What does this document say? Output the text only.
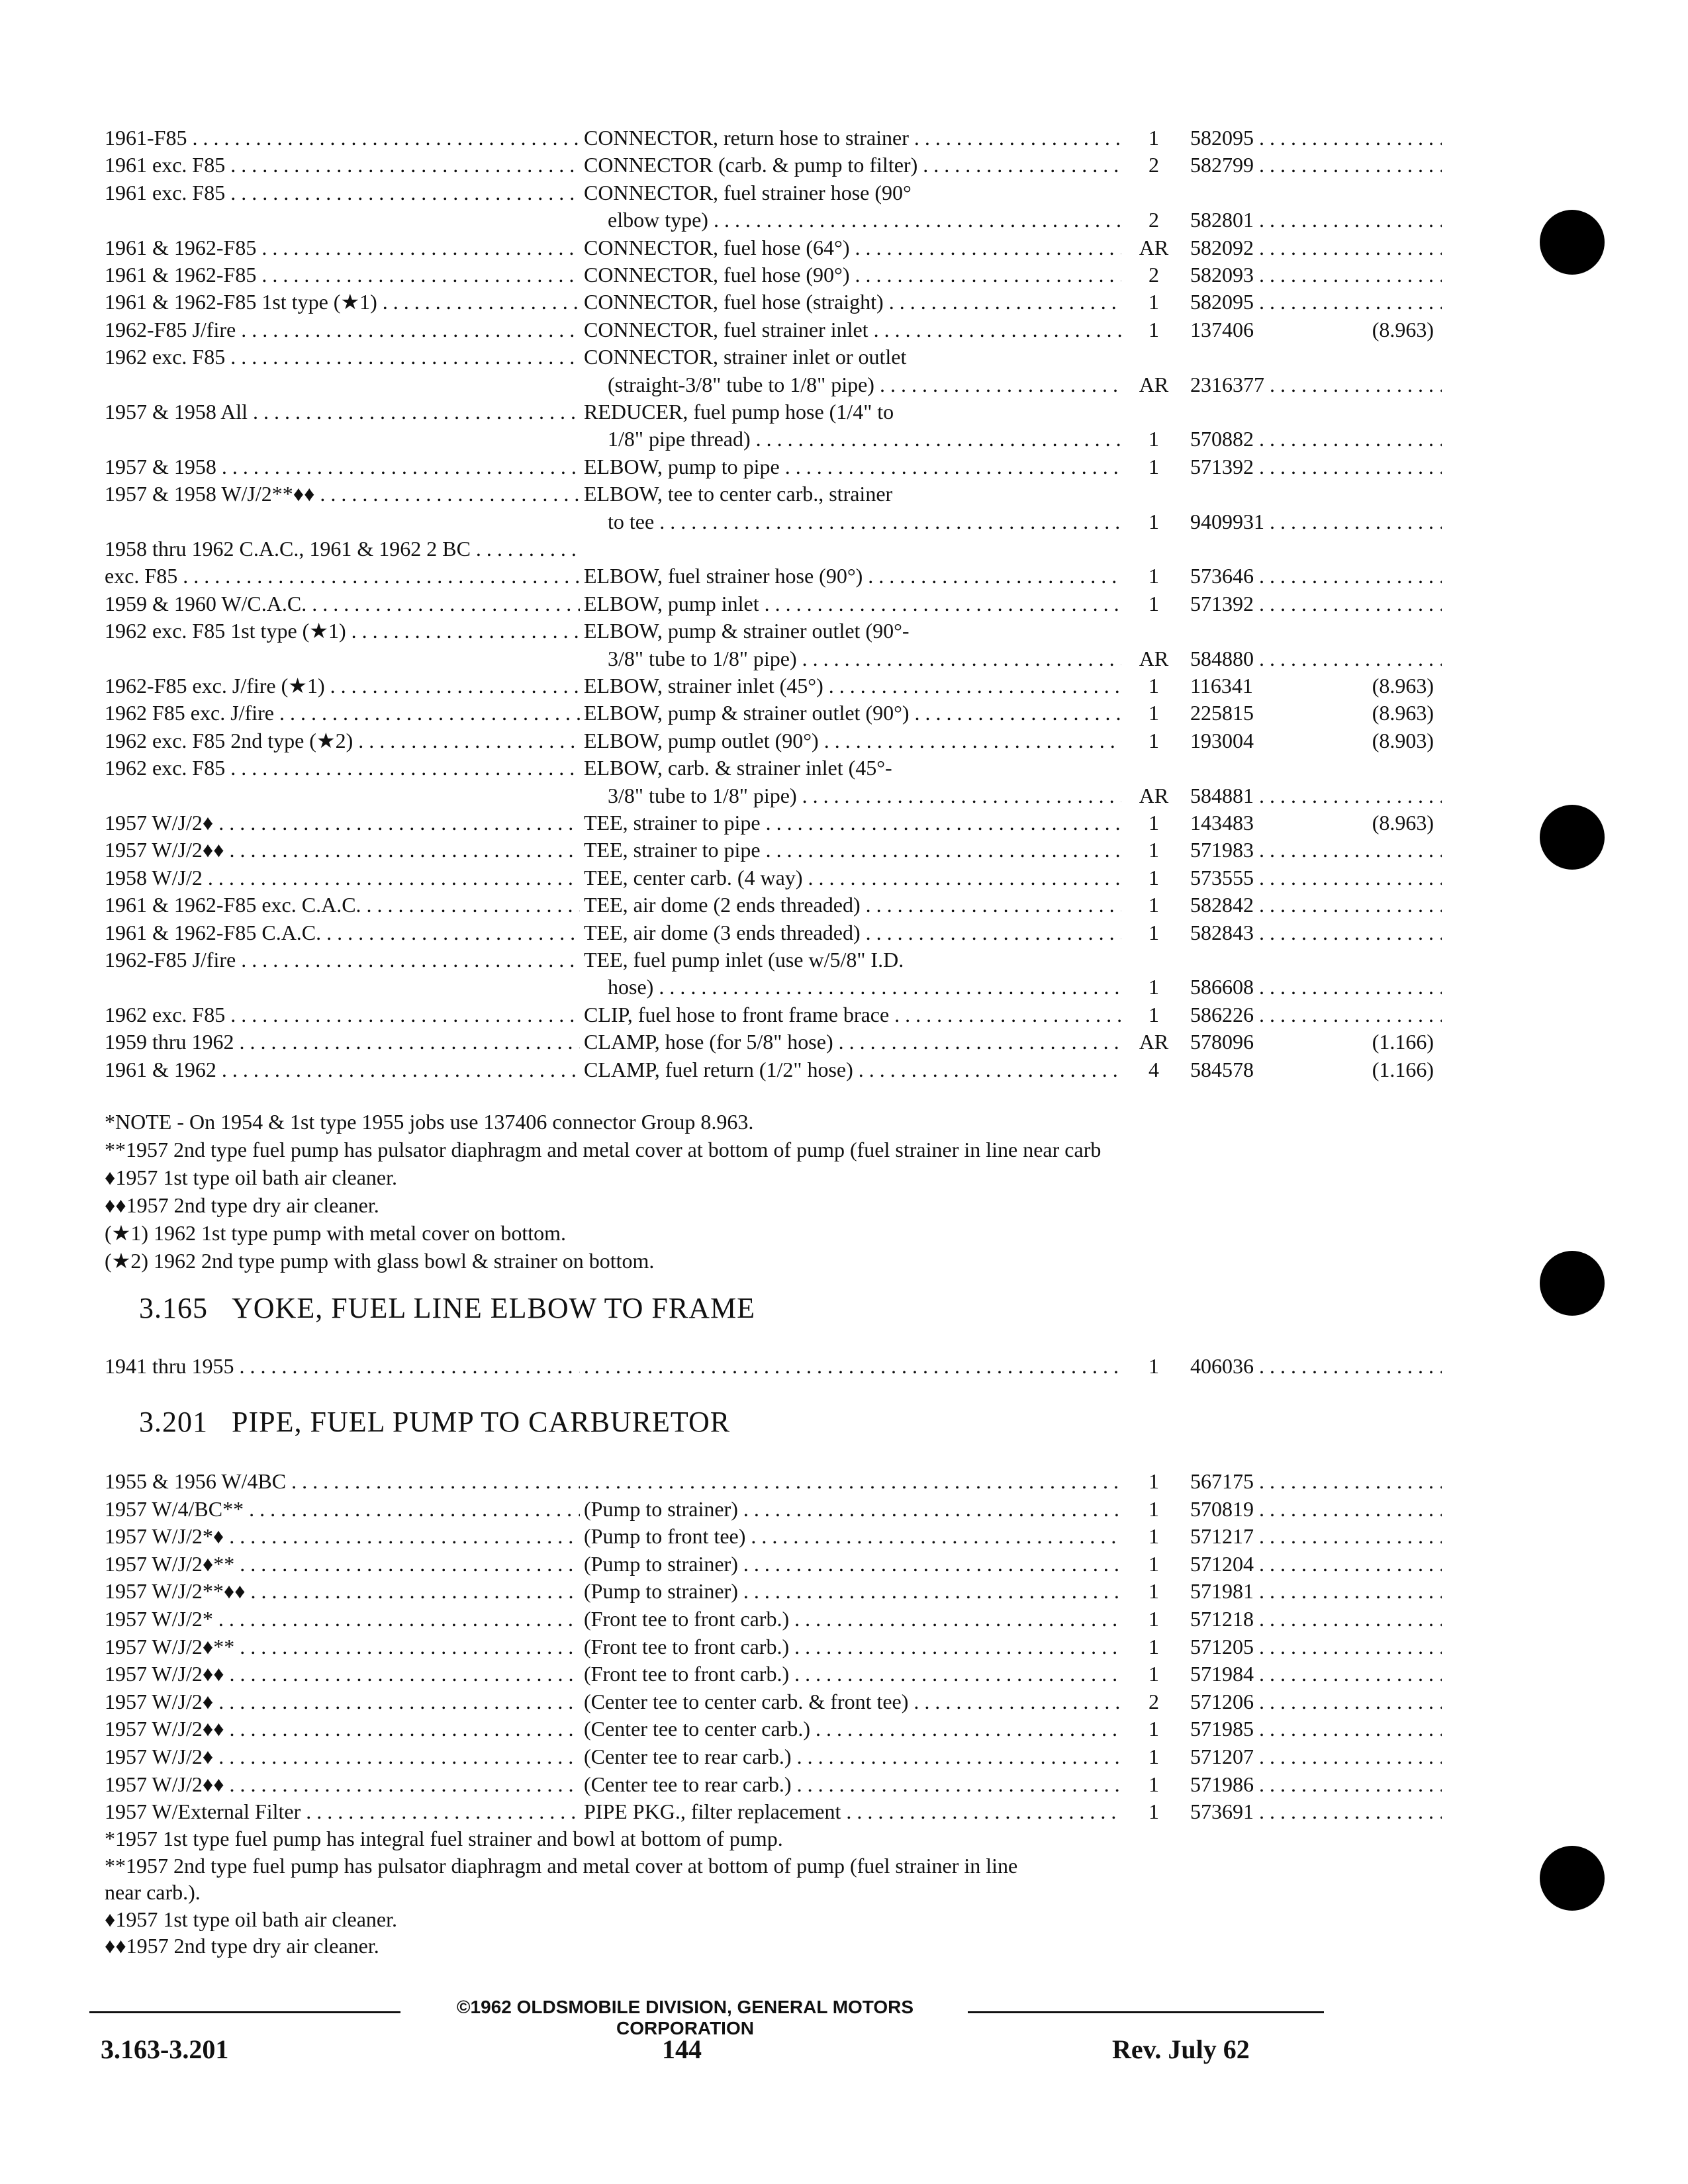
1961-F85 . . .	CONNECTOR, return hose to strainer . . .	1	582095 . . .
1961 exc. F85 . . .	CONNECTOR (carb. & pump to filter) . . .	2	582799 . . .
1961 exc. F85 . . .	CONNECTOR, fuel strainer hose (90°
elbow type) . . .	2	582801 . . .
1961 & 1962-F85 . . .	CONNECTOR, fuel hose (64°) . . .	AR	582092 . . .
1961 & 1962-F85 . . .	CONNECTOR, fuel hose (90°) . . .	2	582093 . . .
1961 & 1962-F85 1st type (★1) . . .	CONNECTOR, fuel hose (straight) . . .	1	582095 . . .
1962-F85 J/fire . . .	CONNECTOR, fuel strainer inlet . . .	1	137406	(8.963)
1962 exc. F85 . . .	CONNECTOR, strainer inlet or outlet
(straight-3/8" tube to 1/8" pipe) . . .	AR	2316377 . . .
1957 & 1958 All . . .	REDUCER, fuel pump hose (1/4" to
1/8" pipe thread) . . .	1	570882 . . .
1957 & 1958 . . .	ELBOW, pump to pipe . . .	1	571392 . . .
1957 & 1958 W/J/2**♦♦ . . .	ELBOW, tee to center carb., strainer
to tee . . .	1	9409931 . . .
1958 thru 1962 C.A.C., 1961 & 1962 2 BC . . .
exc. F85 . . .	ELBOW, fuel strainer hose (90°) . . .	1	573646 . . .
1959 & 1960 W/C.A.C. . . .	ELBOW, pump inlet . . .	1	571392 . . .
1962 exc. F85 1st type (★1) . . .	ELBOW, pump & strainer outlet (90°-
3/8" tube to 1/8" pipe) . . .	AR	584880 . . .
1962-F85 exc. J/fire (★1) . . .	ELBOW, strainer inlet (45°) . . .	1	116341	(8.963)
1962 F85 exc. J/fire . . .	ELBOW, pump & strainer outlet (90°) . . .	1	225815	(8.963)
1962 exc. F85 2nd type (★2) . . .	ELBOW, pump outlet (90°) . . .	1	193004	(8.903)
1962 exc. F85 . . .	ELBOW, carb. & strainer inlet (45°-
3/8" tube to 1/8" pipe) . . .	AR	584881 . . .
1957 W/J/2♦ . . .	TEE, strainer to pipe . . .	1	143483	(8.963)
1957 W/J/2♦♦ . . .	TEE, strainer to pipe . . .	1	571983 . . .
1958 W/J/2 . . .	TEE, center carb. (4 way) . . .	1	573555 . . .
1961 & 1962-F85 exc. C.A.C. . . .	TEE, air dome (2 ends threaded) . . .	1	582842 . . .
1961 & 1962-F85 C.A.C. . . .	TEE, air dome (3 ends threaded) . . .	1	582843 . . .
1962-F85 J/fire . . .	TEE, fuel pump inlet (use w/5/8" I.D.
hose) . . .	1	586608 . . .
1962 exc. F85 . . .	CLIP, fuel hose to front frame brace . . .	1	586226 . . .
1959 thru 1962 . . .	CLAMP, hose (for 5/8" hose) . . .	AR	578096	(1.166)
1961 & 1962 . . .	CLAMP, fuel return (1/2" hose) . . .	4	584578	(1.166)
*NOTE - On 1954 & 1st type 1955 jobs use 137406 connector Group 8.963.
**1957 2nd type fuel pump has pulsator diaphragm and metal cover at bottom of pump (fuel strainer in line near carb
♦1957 1st type oil bath air cleaner.
♦♦1957 2nd type dry air cleaner.
(★1) 1962 1st type pump with metal cover on bottom.
(★2) 1962 2nd type pump with glass bowl & strainer on bottom.
3.165 YOKE, FUEL LINE ELBOW TO FRAME
1941 thru 1955 . . . . . .	1	406036 . . .
3.201 PIPE, FUEL PUMP TO CARBURETOR
1955 & 1956 W/4BC . . . . . .	1	567175 . . .
1957 W/4/BC** . . .	(Pump to strainer) . . .	1	570819 . . .
1957 W/J/2*♦ . . .	(Pump to front tee) . . .	1	571217 . . .
1957 W/J/2♦** . . .	(Pump to strainer) . . .	1	571204 . . .
1957 W/J/2**♦♦ . . .	(Pump to strainer) . . .	1	571981 . . .
1957 W/J/2* . . .	(Front tee to front carb.) . . .	1	571218 . . .
1957 W/J/2♦** . . .	(Front tee to front carb.) . . .	1	571205 . . .
1957 W/J/2♦♦ . . .	(Front tee to front carb.) . . .	1	571984 . . .
1957 W/J/2♦ . . .	(Center tee to center carb. & front tee) . . .	2	571206 . . .
1957 W/J/2♦♦ . . .	(Center tee to center carb.) . . .	1	571985 . . .
1957 W/J/2♦ . . .	(Center tee to rear carb.) . . .	1	571207 . . .
1957 W/J/2♦♦ . . .	(Center tee to rear carb.) . . .	1	571986 . . .
1957 W/External Filter . . .	PIPE PKG., filter replacement . . .	1	573691 . . .
*1957 1st type fuel pump has integral fuel strainer and bowl at bottom of pump.
**1957 2nd type fuel pump has pulsator diaphragm and metal cover at bottom of pump (fuel strainer in line
near carb.).
♦1957 1st type oil bath air cleaner.
♦♦1957 2nd type dry air cleaner.
©1962 OLDSMOBILE DIVISION, GENERAL MOTORS CORPORATION
3.163-3.201	144	Rev. July 62
